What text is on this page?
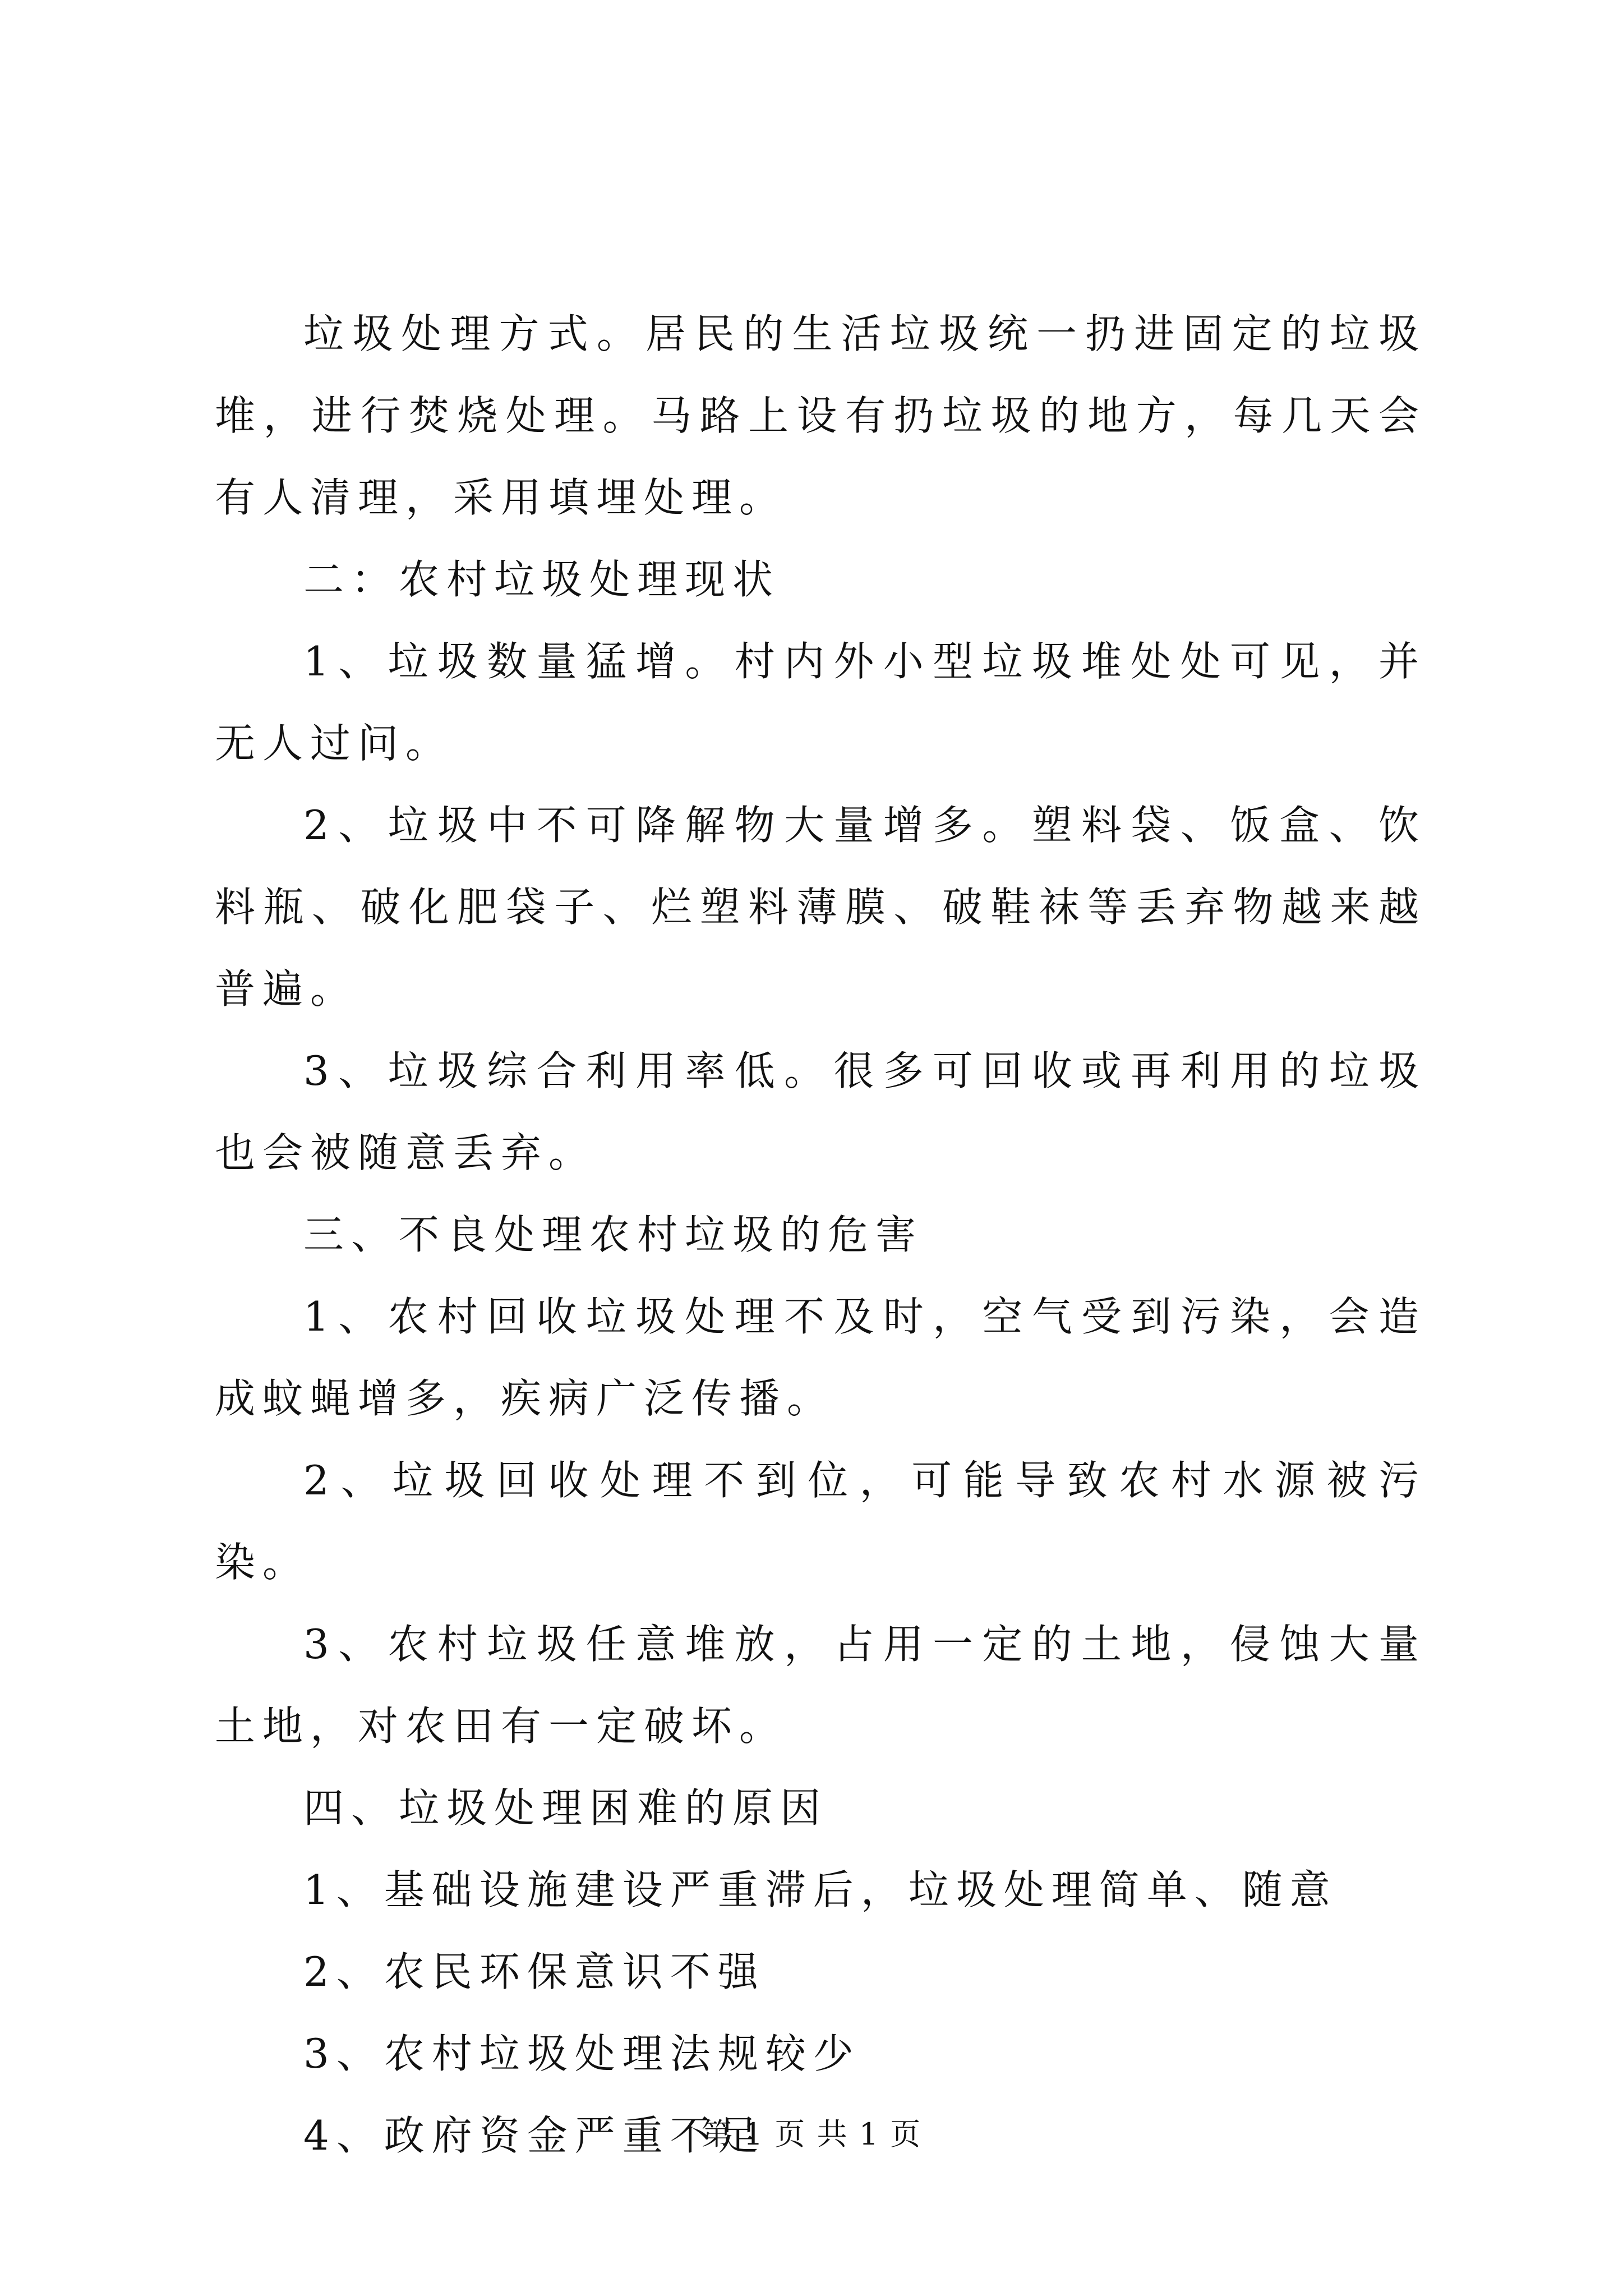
垃圾处理方式。居民的生活垃圾统一扔进固定的垃圾堆，进行焚烧处理。马路上设有扔垃圾的地方，每几天会有人清理，采用填埋处理。

二：农村垃圾处理现状

1、垃圾数量猛增。村内外小型垃圾堆处处可见，并无人过问。

2、垃圾中不可降解物大量增多。塑料袋、饭盒、饮料瓶、破化肥袋子、烂塑料薄膜、破鞋袜等丢弃物越来越普遍。

3、垃圾综合利用率低。很多可回收或再利用的垃圾也会被随意丢弃。

三、不良处理农村垃圾的危害

1、农村回收垃圾处理不及时，空气受到污染，会造成蚊蝇增多，疾病广泛传播。

2、垃圾回收处理不到位，可能导致农村水源被污染。

3、农村垃圾任意堆放，占用一定的土地，侵蚀大量土地，对农田有一定破坏。

四、垃圾处理困难的原因

1、基础设施建设严重滞后，垃圾处理简单、随意

2、农民环保意识不强

3、农村垃圾处理法规较少

4、政府资金严重不足

第 1 页 共 1 页
